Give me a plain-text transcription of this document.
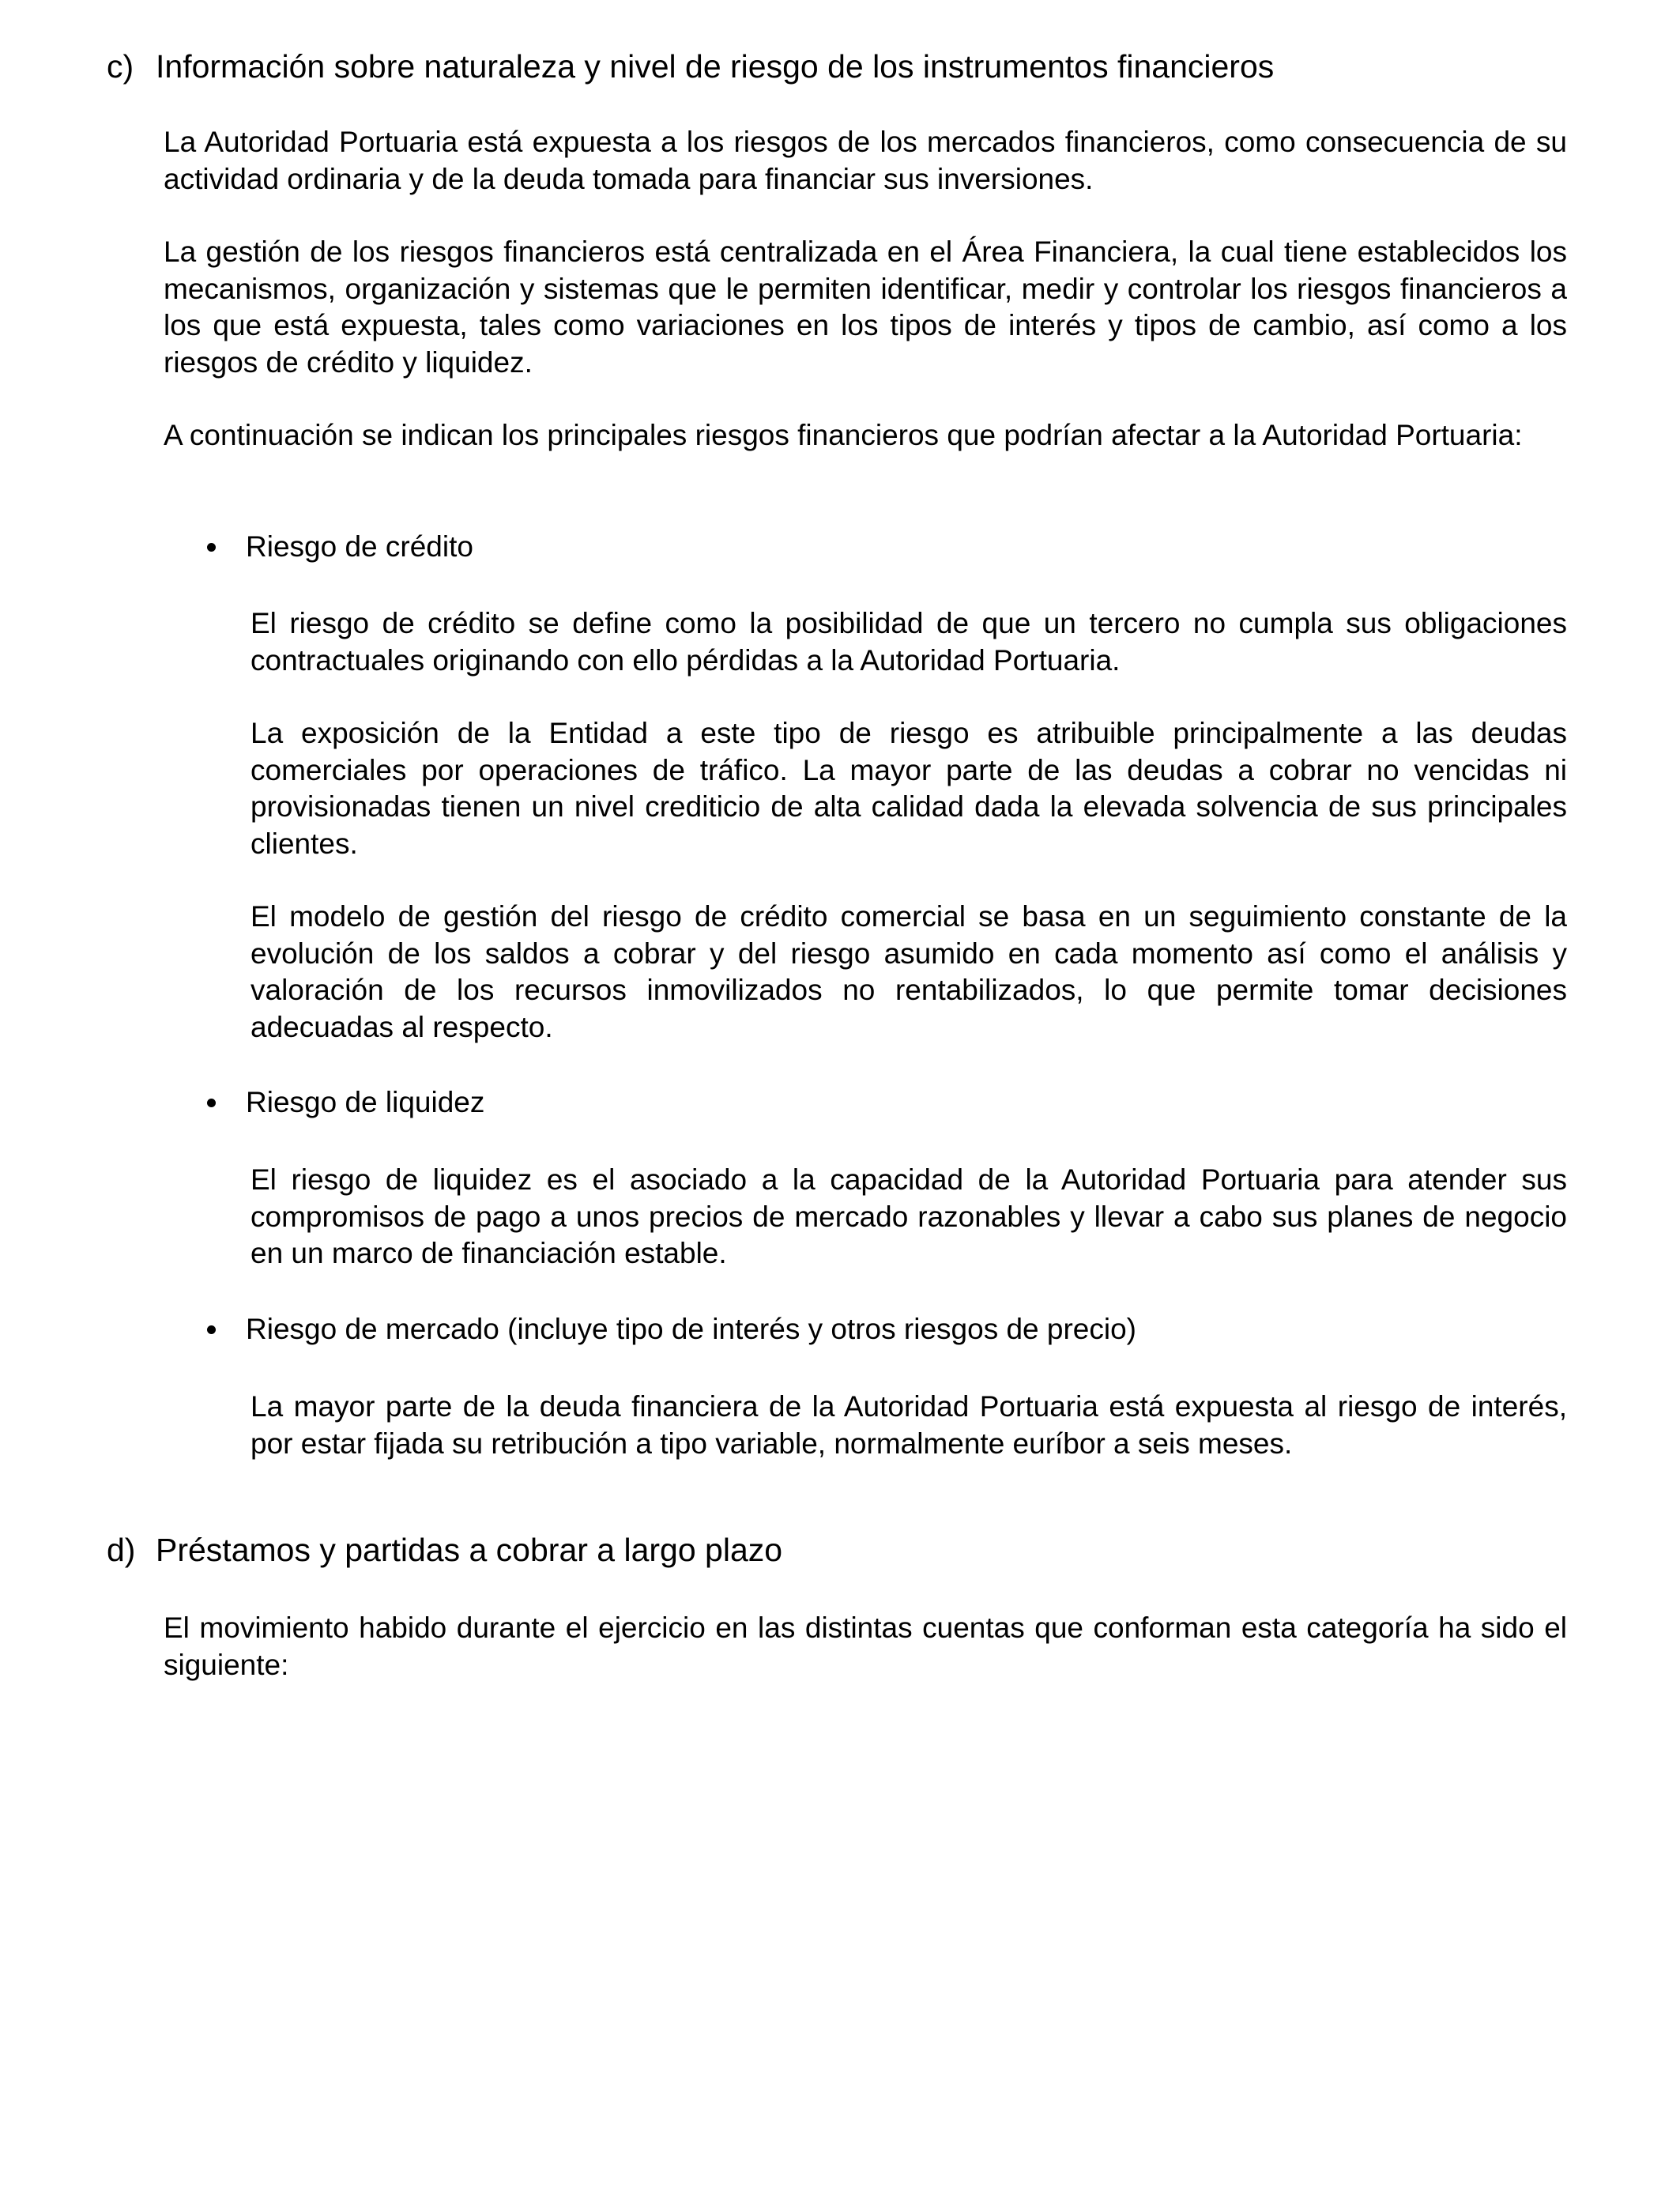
c) Información sobre naturaleza y nivel de riesgo de los instrumentos financieros

La Autoridad Portuaria está expuesta a los riesgos de los mercados financieros, como consecuencia de su actividad ordinaria y de la deuda tomada para financiar sus inversiones.

La gestión de los riesgos financieros está centralizada en el Área Financiera, la cual tiene establecidos los mecanismos, organización y sistemas que le permiten identificar, medir y controlar los riesgos financieros a los que está expuesta, tales como variaciones en los tipos de interés y tipos de cambio, así como a los riesgos de crédito y liquidez.

A continuación se indican los principales riesgos financieros que podrían afectar a la Autoridad Portuaria:

Riesgo de crédito

El riesgo de crédito se define como la posibilidad de que un tercero no cumpla sus obligaciones contractuales originando con ello pérdidas a la Autoridad Portuaria.

La exposición de la Entidad a este tipo de riesgo es atribuible principalmente a las deudas comerciales por operaciones de tráfico. La mayor parte de las deudas a cobrar no vencidas ni provisionadas tienen un nivel crediticio de alta calidad dada la elevada solvencia de sus principales clientes.

El modelo de gestión del riesgo de crédito comercial se basa en un seguimiento constante de la evolución de los saldos a cobrar y del riesgo asumido en cada momento así como el análisis y valoración de los recursos inmovilizados no rentabilizados, lo que permite tomar decisiones adecuadas al respecto.

Riesgo de liquidez

El riesgo de liquidez es el asociado a la capacidad de la Autoridad Portuaria para atender sus compromisos de pago a unos precios de mercado razonables y llevar a cabo sus planes de negocio en un marco de financiación estable.

Riesgo de mercado (incluye tipo de interés y otros riesgos de precio)

La mayor parte de la deuda financiera de la Autoridad Portuaria está expuesta al riesgo de interés, por estar fijada su retribución a tipo variable, normalmente euríbor a seis meses.

d) Préstamos y partidas a cobrar a largo plazo

El movimiento habido durante el ejercicio en las distintas cuentas que conforman esta categoría ha sido el siguiente:
